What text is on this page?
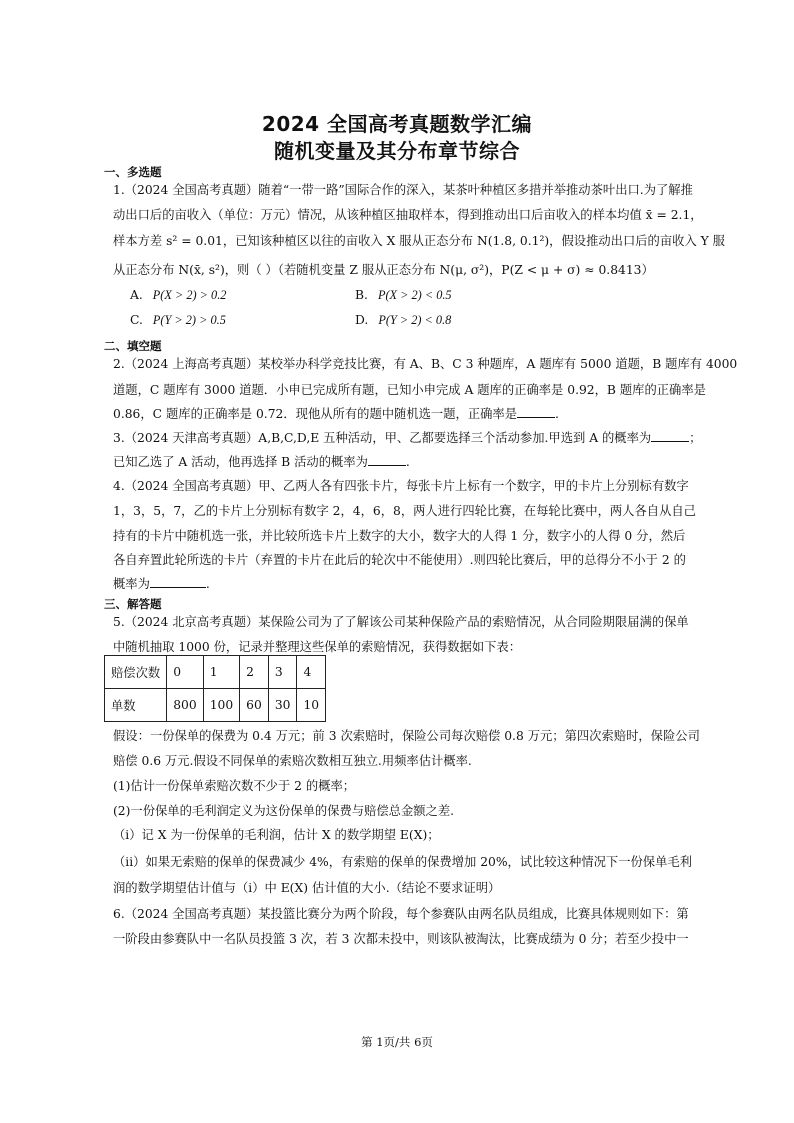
2024 全国高考真题数学汇编
随机变量及其分布章节综合
一、多选题
1.（2024 全国高考真题）随着“一带一路”国际合作的深入，某茶叶种植区多措并举推动茶叶出口.为了解推
动出口后的亩收入（单位：万元）情况，从该种植区抽取样本，得到推动出口后亩收入的样本均值 x̄ = 2.1，
样本方差 s² = 0.01，已知该种植区以往的亩收入 X 服从正态分布 N(1.8, 0.1²)，假设推动出口后的亩收入 Y 服
从正态分布 N(x̄, s²)，则（ ）（若随机变量 Z 服从正态分布 N(μ, σ²)，P(Z < μ + σ) ≈ 0.8413）
A. P(X > 2) > 0.2	B. P(X > 2) < 0.5
C. P(Y > 2) > 0.5	D. P(Y > 2) < 0.8
二、填空题
2.（2024 上海高考真题）某校举办科学竞技比赛，有 A、B、C 3 种题库，A 题库有 5000 道题，B 题库有 4000
道题，C 题库有 3000 道题．小申已完成所有题，已知小申完成 A 题库的正确率是 0.92，B 题库的正确率是
0.86，C 题库的正确率是 0.72．现他从所有的题中随机选一题，正确率是	.
3.（2024 天津高考真题）A,B,C,D,E 五种活动，甲、乙都要选择三个活动参加.甲选到 A 的概率为	；
已知乙选了 A 活动，他再选择 B 活动的概率为	.
4.（2024 全国高考真题）甲、乙两人各有四张卡片，每张卡片上标有一个数字，甲的卡片上分别标有数字
1，3，5，7，乙的卡片上分别标有数字 2，4，6，8，两人进行四轮比赛，在每轮比赛中，两人各自从自己
持有的卡片中随机选一张，并比较所选卡片上数字的大小，数字大的人得 1 分，数字小的人得 0 分，然后
各自弃置此轮所选的卡片（弃置的卡片在此后的轮次中不能使用）.则四轮比赛后，甲的总得分不小于 2 的
概率为	.
三、解答题
5.（2024 北京高考真题）某保险公司为了了解该公司某种保险产品的索赔情况，从合同险期限届满的保单
中随机抽取 1000 份，记录并整理这些保单的索赔情况，获得数据如下表：
赔偿次数	0	1	2	3	4
单数	800	100	60	30	10
假设：一份保单的保费为 0.4 万元；前 3 次索赔时，保险公司每次赔偿 0.8 万元；第四次索赔时，保险公司
赔偿 0.6 万元.假设不同保单的索赔次数相互独立.用频率估计概率.
(1)估计一份保单索赔次数不少于 2 的概率；
(2)一份保单的毛利润定义为这份保单的保费与赔偿总金额之差.
（i）记 X 为一份保单的毛利润，估计 X 的数学期望 E(X)；
（ii）如果无索赔的保单的保费减少 4%，有索赔的保单的保费增加 20%，试比较这种情况下一份保单毛利
润的数学期望估计值与（i）中 E(X) 估计值的大小.（结论不要求证明）
6.（2024 全国高考真题）某投篮比赛分为两个阶段，每个参赛队由两名队员组成，比赛具体规则如下：第
一阶段由参赛队中一名队员投篮 3 次，若 3 次都未投中，则该队被淘汰，比赛成绩为 0 分；若至少投中一
第 1页/共 6页
